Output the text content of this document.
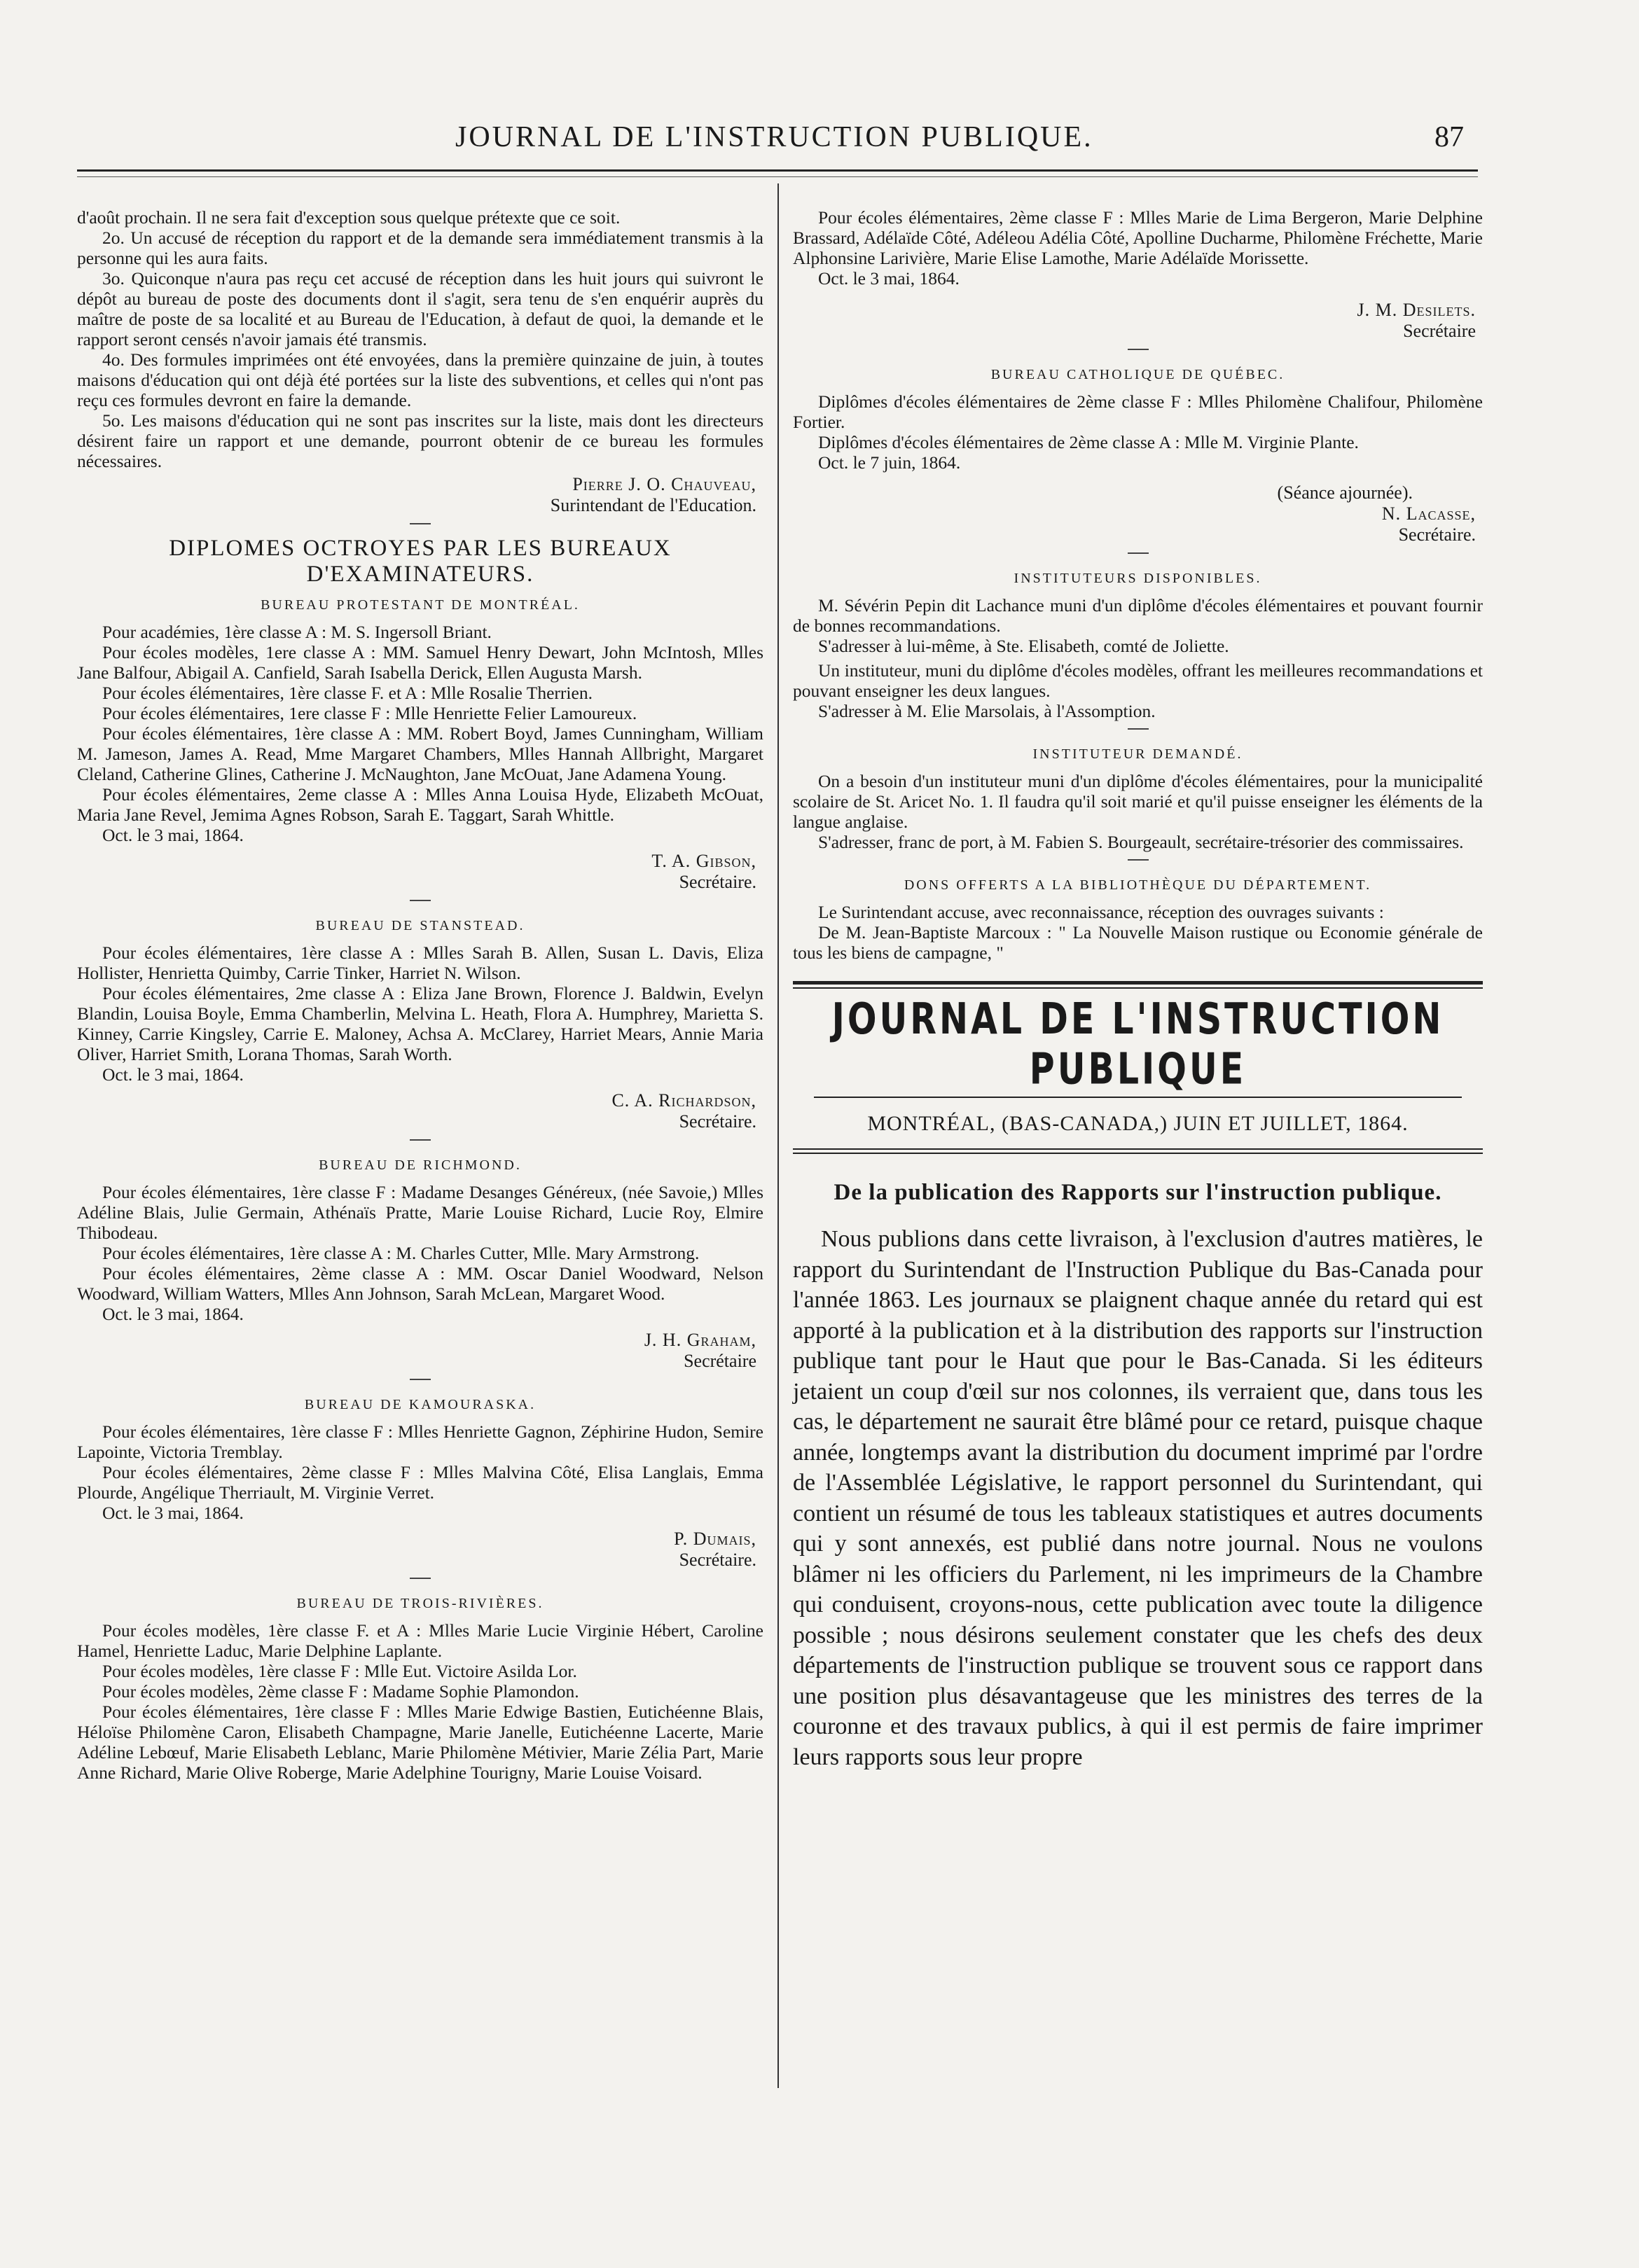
JOURNAL DE L'INSTRUCTION PUBLIQUE.	87

d'août prochain. Il ne sera fait d'exception sous quelque prétexte que ce soit.

2o. Un accusé de réception du rapport et de la demande sera immédiatement transmis à la personne qui les aura faits.

3o. Quiconque n'aura pas reçu cet accusé de réception dans les huit jours qui suivront le dépôt au bureau de poste des documents dont il s'agit, sera tenu de s'en enquérir auprès du maître de poste de sa localité et au Bureau de l'Education, à defaut de quoi, la demande et le rapport seront censés n'avoir jamais été transmis.

4o. Des formules imprimées ont été envoyées, dans la première quinzaine de juin, à toutes maisons d'éducation qui ont déjà été portées sur la liste des subventions, et celles qui n'ont pas reçu ces formules devront en faire la demande.

5o. Les maisons d'éducation qui ne sont pas inscrites sur la liste, mais dont les directeurs désirent faire un rapport et une demande, pourront obtenir de ce bureau les formules nécessaires.

Pierre J. O. Chauveau,
Surintendant de l'Education.
DIPLOMES OCTROYES PAR LES BUREAUX D'EXAMINATEURS.
BUREAU PROTESTANT DE MONTRÉAL.

Pour académies, 1ère classe A : M. S. Ingersoll Briant.

Pour écoles modèles, 1ere classe A : MM. Samuel Henry Dewart, John McIntosh, Mlles Jane Balfour, Abigail A. Canfield, Sarah Isabella Derick, Ellen Augusta Marsh.

Pour écoles élémentaires, 1ère classe F. et A : Mlle Rosalie Therrien.

Pour écoles élémentaires, 1ere classe F : Mlle Henriette Felier Lamoureux.

Pour écoles élémentaires, 1ère classe A : MM. Robert Boyd, James Cunningham, William M. Jameson, James A. Read, Mme Margaret Chambers, Mlles Hannah Allbright, Margaret Cleland, Catherine Glines, Catherine J. McNaughton, Jane McOuat, Jane Adamena Young.

Pour écoles élémentaires, 2eme classe A : Mlles Anna Louisa Hyde, Elizabeth McOuat, Maria Jane Revel, Jemima Agnes Robson, Sarah E. Taggart, Sarah Whittle.

Oct. le 3 mai, 1864.
T. A. Gibson,
Secrétaire.
BUREAU DE STANSTEAD.

Pour écoles élémentaires, 1ère classe A : Mlles Sarah B. Allen, Susan L. Davis, Eliza Hollister, Henrietta Quimby, Carrie Tinker, Harriet N. Wilson.

Pour écoles élémentaires, 2me classe A : Eliza Jane Brown, Florence J. Baldwin, Evelyn Blandin, Louisa Boyle, Emma Chamberlin, Melvina L. Heath, Flora A. Humphrey, Marietta S. Kinney, Carrie Kingsley, Carrie E. Maloney, Achsa A. McClarey, Harriet Mears, Annie Maria Oliver, Harriet Smith, Lorana Thomas, Sarah Worth.

Oct. le 3 mai, 1864.
C. A. Richardson,
Secrétaire.
BUREAU DE RICHMOND.

Pour écoles élémentaires, 1ère classe F : Madame Desanges Généreux, (née Savoie,) Mlles Adéline Blais, Julie Germain, Athénaïs Pratte, Marie Louise Richard, Lucie Roy, Elmire Thibodeau.

Pour écoles élémentaires, 1ère classe A : M. Charles Cutter, Mlle. Mary Armstrong.

Pour écoles élémentaires, 2ème classe A : MM. Oscar Daniel Woodward, Nelson Woodward, William Watters, Mlles Ann Johnson, Sarah McLean, Margaret Wood.

Oct. le 3 mai, 1864.
J. H. Graham,
Secrétaire
BUREAU DE KAMOURASKA.

Pour écoles élémentaires, 1ère classe F : Mlles Henriette Gagnon, Zéphirine Hudon, Semire Lapointe, Victoria Tremblay.

Pour écoles élémentaires, 2ème classe F : Mlles Malvina Côté, Elisa Langlais, Emma Plourde, Angélique Therriault, M. Virginie Verret.

Oct. le 3 mai, 1864.
P. Dumais,
Secrétaire.
BUREAU DE TROIS-RIVIÈRES.

Pour écoles modèles, 1ère classe F. et A : Mlles Marie Lucie Virginie Hébert, Caroline Hamel, Henriette Laduc, Marie Delphine Laplante.

Pour écoles modèles, 1ère classe F : Mlle Eut. Victoire Asilda Lor.

Pour écoles modèles, 2ème classe F : Madame Sophie Plamondon.

Pour écoles élémentaires, 1ère classe F : Mlles Marie Edwige Bastien, Eutichéenne Blais, Héloïse Philomène Caron, Elisabeth Champagne, Marie Janelle, Eutichéenne Lacerte, Marie Adéline Lebœuf, Marie Elisabeth Leblanc, Marie Philomène Métivier, Marie Zélia Part, Marie Anne Richard, Marie Olive Roberge, Marie Adelphine Tourigny, Marie Louise Voisard.

Pour écoles élémentaires, 2ème classe F : Mlles Marie de Lima Bergeron, Marie Delphine Brassard, Adélaïde Côté, Adéleou Adélia Côté, Apolline Ducharme, Philomène Fréchette, Marie Alphonsine Larivière, Marie Elise Lamothe, Marie Adélaïde Morissette.

Oct. le 3 mai, 1864.
J. M. Desilets.
Secrétaire
BUREAU CATHOLIQUE DE QUÉBEC.

Diplômes d'écoles élémentaires de 2ème classe F : Mlles Philomène Chalifour, Philomène Fortier.

Diplômes d'écoles élémentaires de 2ème classe A : Mlle M. Virginie Plante.

Oct. le 7 juin, 1864.
(Séance ajournée).
N. Lacasse,
Secrétaire.
INSTITUTEURS DISPONIBLES.

M. Sévérin Pepin dit Lachance muni d'un diplôme d'écoles élémentaires et pouvant fournir de bonnes recommandations.

S'adresser à lui-même, à Ste. Elisabeth, comté de Joliette.

Un instituteur, muni du diplôme d'écoles modèles, offrant les meilleures recommandations et pouvant enseigner les deux langues.

S'adresser à M. Elie Marsolais, à l'Assomption.

INSTITUTEUR DEMANDÉ.

On a besoin d'un instituteur muni d'un diplôme d'écoles élémentaires, pour la municipalité scolaire de St. Aricet No. 1. Il faudra qu'il soit marié et qu'il puisse enseigner les éléments de la langue anglaise.

S'adresser, franc de port, à M. Fabien S. Bourgeault, secrétaire-trésorier des commissaires.

DONS OFFERTS A LA BIBLIOTHÈQUE DU DÉPARTEMENT.

Le Surintendant accuse, avec reconnaissance, réception des ouvrages suivants :

De M. Jean-Baptiste Marcoux : " La Nouvelle Maison rustique ou Economie générale de tous les biens de campagne, "

JOURNAL DE L'INSTRUCTION PUBLIQUE
MONTRÉAL, (BAS-CANADA,) JUIN ET JUILLET, 1864.
De la publication des Rapports sur l'instruction publique.

Nous publions dans cette livraison, à l'exclusion d'autres matières, le rapport du Surintendant de l'Instruction Publique du Bas-Canada pour l'année 1863. Les journaux se plaignent chaque année du retard qui est apporté à la publication et à la distribution des rapports sur l'instruction publique tant pour le Haut que pour le Bas-Canada. Si les éditeurs jetaient un coup d'œil sur nos colonnes, ils verraient que, dans tous les cas, le département ne saurait être blâmé pour ce retard, puisque chaque année, longtemps avant la distribution du document imprimé par l'ordre de l'Assemblée Législative, le rapport personnel du Surintendant, qui contient un résumé de tous les tableaux statistiques et autres documents qui y sont annexés, est publié dans notre journal. Nous ne voulons blâmer ni les officiers du Parlement, ni les imprimeurs de la Chambre qui conduisent, croyons-nous, cette publication avec toute la diligence possible ; nous désirons seulement constater que les chefs des deux départements de l'instruction publique se trouvent sous ce rapport dans une position plus désavantageuse que les ministres des terres de la couronne et des travaux publics, à qui il est permis de faire imprimer leurs rapports sous leur propre
